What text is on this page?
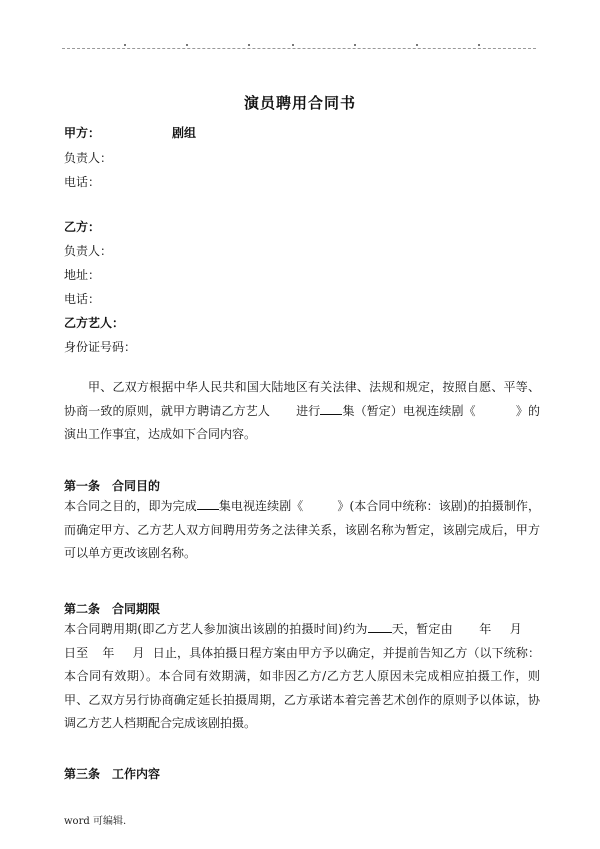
演员聘用合同书
甲方：	剧组
负责人：
电话：
乙方：
负责人：
地址：
电话：
乙方艺人：
身份证号码：
甲、乙双方根据中华人民共和国大陆地区有关法律、法规和规定，按照自愿、平等、协商一致的原则，就甲方聘请乙方艺人 进行 集（暂定）电视连续剧《	》的演出工作事宜，达成如下合同内容。
第一条　合同目的
本合同之目的，即为完成 集电视连续剧《	》(本合同中统称：该剧)的拍摄制作，而确定甲方、乙方艺人双方间聘用劳务之法律关系，该剧名称为暂定，该剧完成后，甲方可以单方更改该剧名称。
第二条　合同期限
本合同聘用期(即乙方艺人参加演出该剧的拍摄时间)约为 天，暂定由 年 月日至 年 月 日止，具体拍摄日程方案由甲方予以确定，并提前告知乙方（以下统称：本合同有效期）。本合同有效期满，如非因乙方/乙方艺人原因未完成相应拍摄工作，则甲、乙双方另行协商确定延长拍摄周期，乙方承诺本着完善艺术创作的原则予以体谅，协调乙方艺人档期配合完成该剧拍摄。
第三条　工作内容
word 可编辑.
